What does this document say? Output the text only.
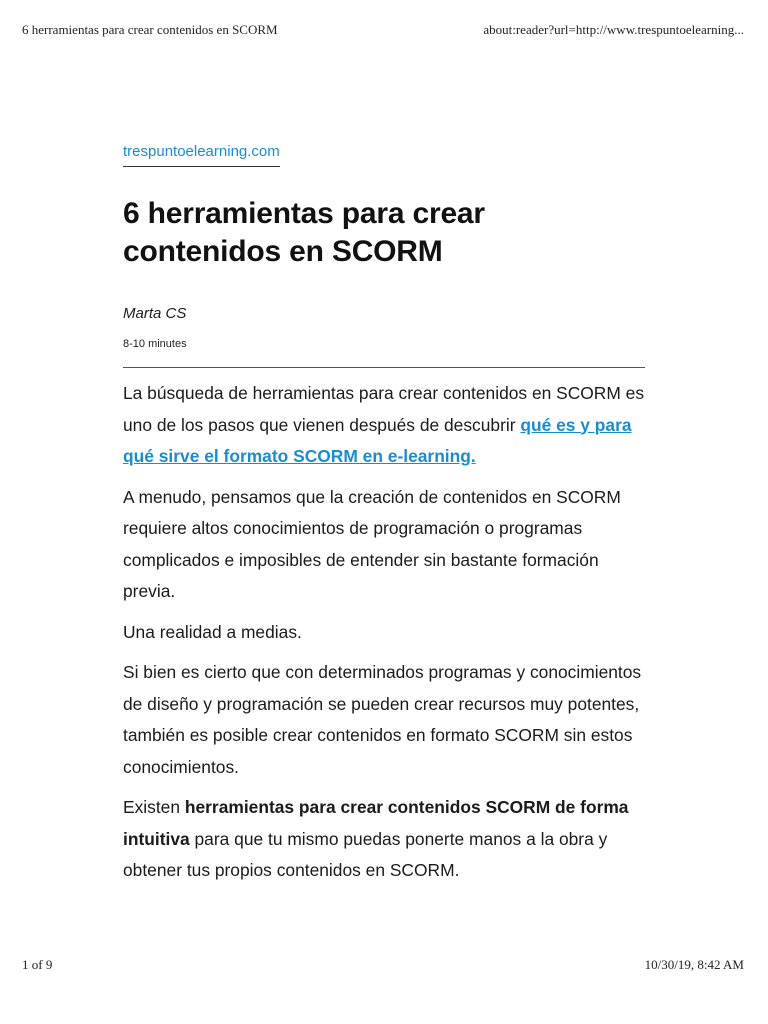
6 herramientas para crear contenidos en SCORM	about:reader?url=http://www.trespuntoelearning...
trespuntoelearning.com
6 herramientas para crear contenidos en SCORM
Marta CS
8-10 minutes

La búsqueda de herramientas para crear contenidos en SCORM es uno de los pasos que vienen después de descubrir qué es y para qué sirve el formato SCORM en e-learning.

A menudo, pensamos que la creación de contenidos en SCORM requiere altos conocimientos de programación o programas complicados e imposibles de entender sin bastante formación previa.

Una realidad a medias.

Si bien es cierto que con determinados programas y conocimientos de diseño y programación se pueden crear recursos muy potentes, también es posible crear contenidos en formato SCORM sin estos conocimientos.

Existen herramientas para crear contenidos SCORM de forma intuitiva para que tu mismo puedas ponerte manos a la obra y obtener tus propios contenidos en SCORM.

1 of 9	10/30/19, 8:42 AM
